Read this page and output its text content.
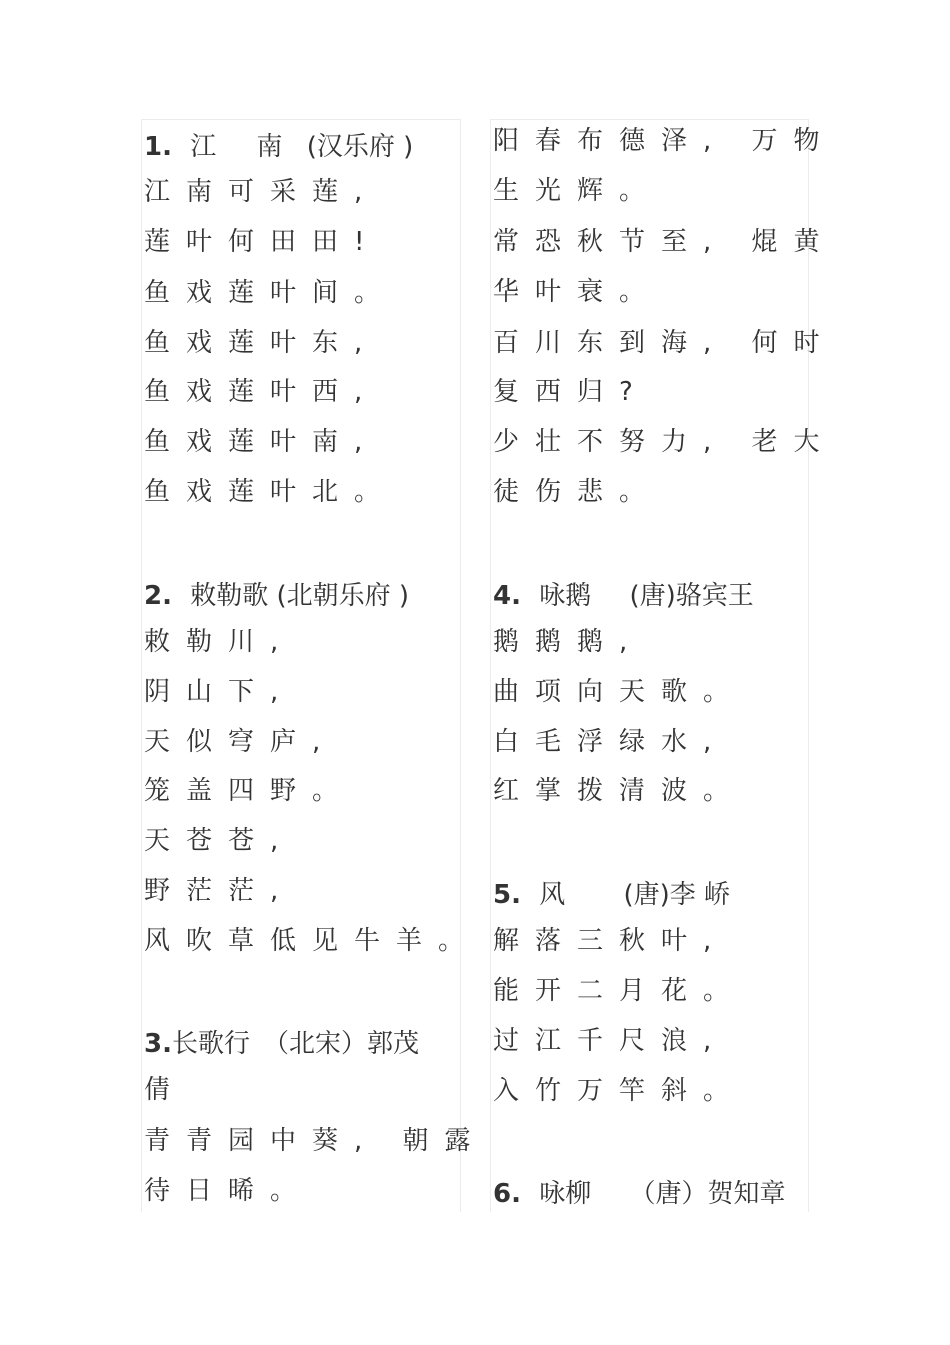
1. 江 南 (汉乐府 )
江南可采莲,
莲叶何田田!
鱼戏莲叶间。
鱼戏莲叶东,
鱼戏莲叶西,
鱼戏莲叶南,
鱼戏莲叶北。
2. 敕勒歌 (北朝乐府 )
敕勒川,
阴山下,
天似穹庐,
笼盖四野。
天苍苍,
野茫茫,
风吹草低见牛羊。
3.长歌行　（北宋）郭茂
倩
青青园中葵, 朝露
待日晞。
阳春布德泽, 万物
生光辉。
常恐秋节至, 焜黄
华叶衰。
百川东到海, 何时
复西归?
少壮不努力, 老大
徒伤悲。
4. 咏鹅 (唐)骆宾王
鹅鹅鹅,
曲项向天歌。
白毛浮绿水,
红掌拨清波。
5. 风 (唐)李 峤
解落三秋叶,
能开二月花。
过江千尺浪,
入竹万竿斜。
6. 咏柳 （唐）贺知章
